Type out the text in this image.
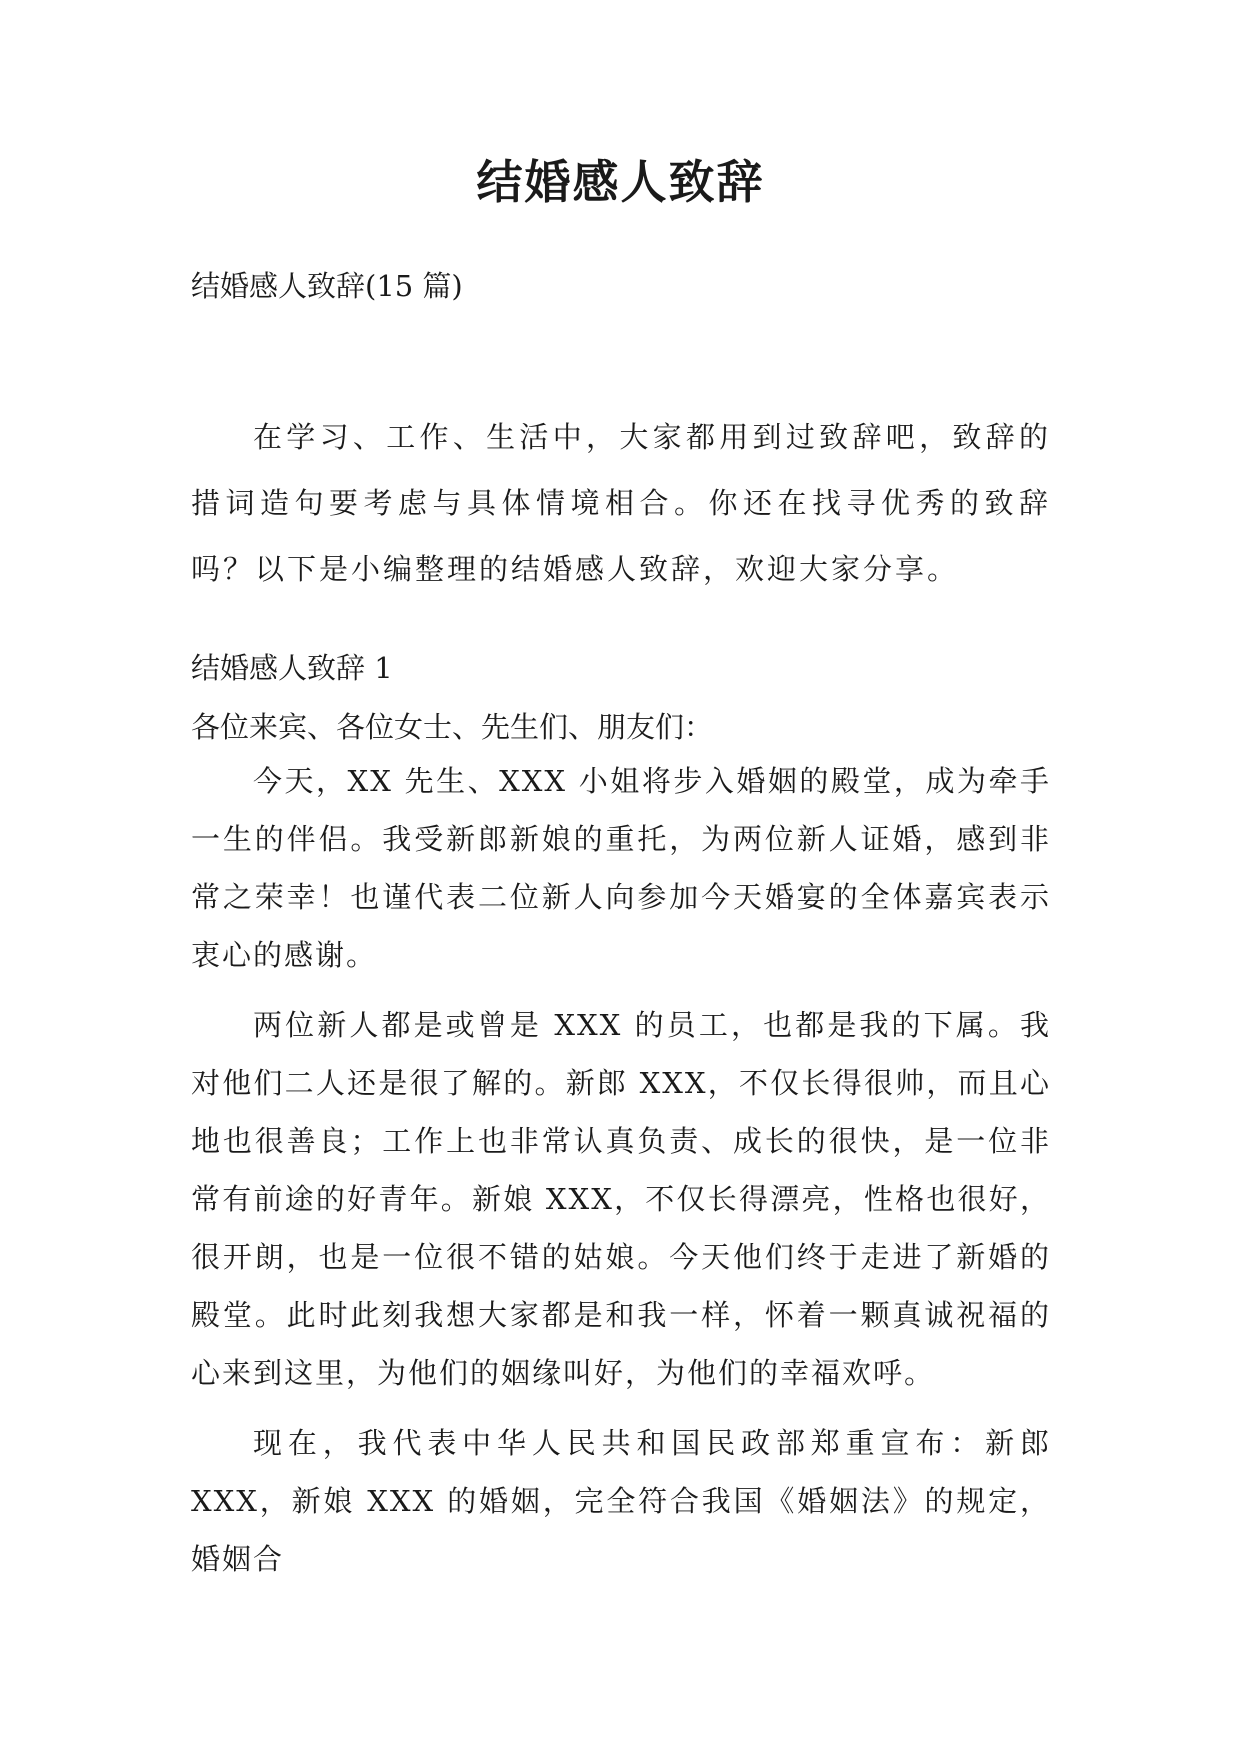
结婚感人致辞
结婚感人致辞(15 篇)

在学习、工作、生活中，大家都用到过致辞吧，致辞的措词造句要考虑与具体情境相合。你还在找寻优秀的致辞吗？以下是小编整理的结婚感人致辞，欢迎大家分享。

结婚感人致辞 1
各位来宾、各位女士、先生们、朋友们：

今天，XX 先生、XXX 小姐将步入婚姻的殿堂，成为牵手一生的伴侣。我受新郎新娘的重托，为两位新人证婚，感到非常之荣幸！也谨代表二位新人向参加今天婚宴的全体嘉宾表示衷心的感谢。

两位新人都是或曾是 XXX 的员工，也都是我的下属。我对他们二人还是很了解的。新郎 XXX，不仅长得很帅，而且心地也很善良；工作上也非常认真负责、成长的很快，是一位非常有前途的好青年。新娘 XXX，不仅长得漂亮，性格也很好，很开朗，也是一位很不错的姑娘。今天他们终于走进了新婚的殿堂。此时此刻我想大家都是和我一样，怀着一颗真诚祝福的心来到这里，为他们的姻缘叫好，为他们的幸福欢呼。

现在，我代表中华人民共和国民政部郑重宣布：新郎 XXX，新娘 XXX 的婚姻，完全符合我国《婚姻法》的规定，婚姻合
